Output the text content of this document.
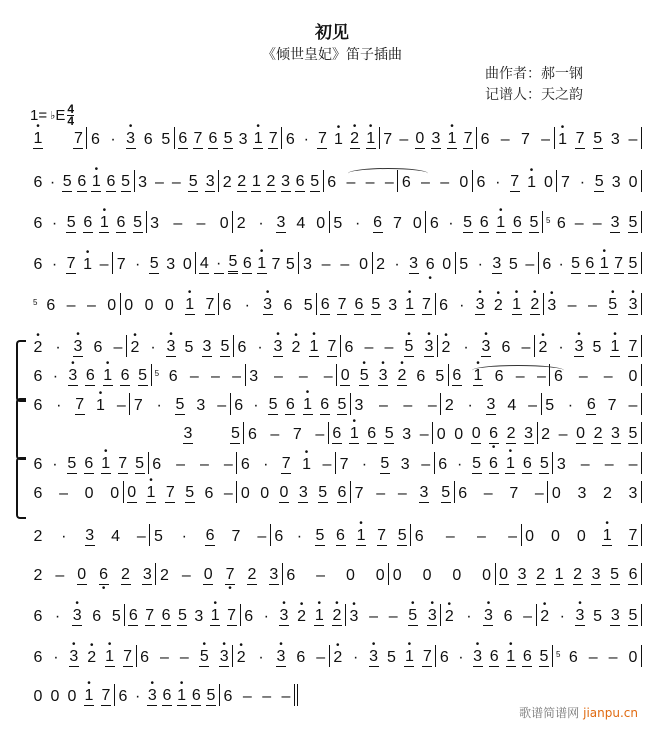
初见
《倾世皇妃》笛子插曲
曲作者：郝一钢
记谱人：天之韵
1= ♭ E $\frac{4}{4}$
1
•
7 6 · 3
•
6 5 6 7 6 5 3 1
•
7 6 · 7 1
•
2
•
1
•
7 – 0 3 1
•
7 6 – 7 – 1
•
7 5 3 –
6 · 5 6 1
•
6 5 3 – – 5 3 2 2 1 2 3 6 5 6 – – – 6 – – 0 6 · 7 1
•
0 7 · 5 3 0
6 · 5 6 1
•
6 5 3 – – 0 2 · 3 4 0 5 · 6 7 0 6 · 5 6 1
•
6 5 5 6 – – 3 5
6 · 7 1
•
– 7 · 5 3 0 4 · 5 6 1
•
7 5 3 – – 0 2 · 3 6
•
0 5 · 3 5 – 6 · 5 6 1
•
7 5
5 6 – – 0 0 0 0 1
•
7 6 · 3
•
6 5 6 7 6 5 3 1
•
7 6 · 3
•
2
•
1
•
2
•
3
•
– – 5
•
3
•
2
•
· 3
•
6 – 2
•
· 3
•
5 3 5 6 · 3
•
2
•
1
•
7 6 – – 5
•
3
•
2
•
· 3
•
6 – 2
•
· 3
•
5 1
•
7
6 · 3
•
6 1
•
6 5 5 6 – – – 3 – – – 0 5
•
3
•
2
•
6 5 6 1
•
6 – – 6 – – 0
6 · 7 1
•
– 7 · 5 3 – 6 · 5 6 1
•
6 5 3 – – – 2 · 3 4 – 5 · 6 7 –
3 5 6 – 7 – 6 1
•
6 5 3 – 0 0 0 6
•
2 3 2 – 0 2 3 5
6 · 5 6 1
•
7 5 6 – – – 6 · 7 1
•
– 7 · 5 3 – 6 · 5 6 1
•
6 5 3 – – –
6 – 0 0 0 1
•
7 5 6 – 0 0 0 3 5 6 7 – – 3 5 6 – 7 – 0 3 2 3
2 · 3 4 – 5 · 6 7 – 6 · 5 6 1
•
7 5 6 – – – 0 0 0 1
•
7
2 – 0 6
•
2 3 2 – 0 7
•
2 3 6 – 0 0 0 0 0 0 0 3 2 1 2 3 5 6
6 · 3
•
6 5 6 7 6 5 3 1
•
7 6 · 3
•
2
•
1
•
2
•
3
•
– – 5
•
3
•
2
•
· 3
•
6 – 2
•
· 3
•
5 3 5
6 · 3
•
2
•
1
•
7 6 – – 5
•
3
•
2
•
· 3
•
6 – 2
•
· 3
•
5 1
•
7 6 · 3
•
6 1
•
6 5 5 6 – – 0
0 0 0 1
•
7 6 · 3
•
6 1
•
6 5 6 – – –
歌谱简谱网 jianpu.cn
